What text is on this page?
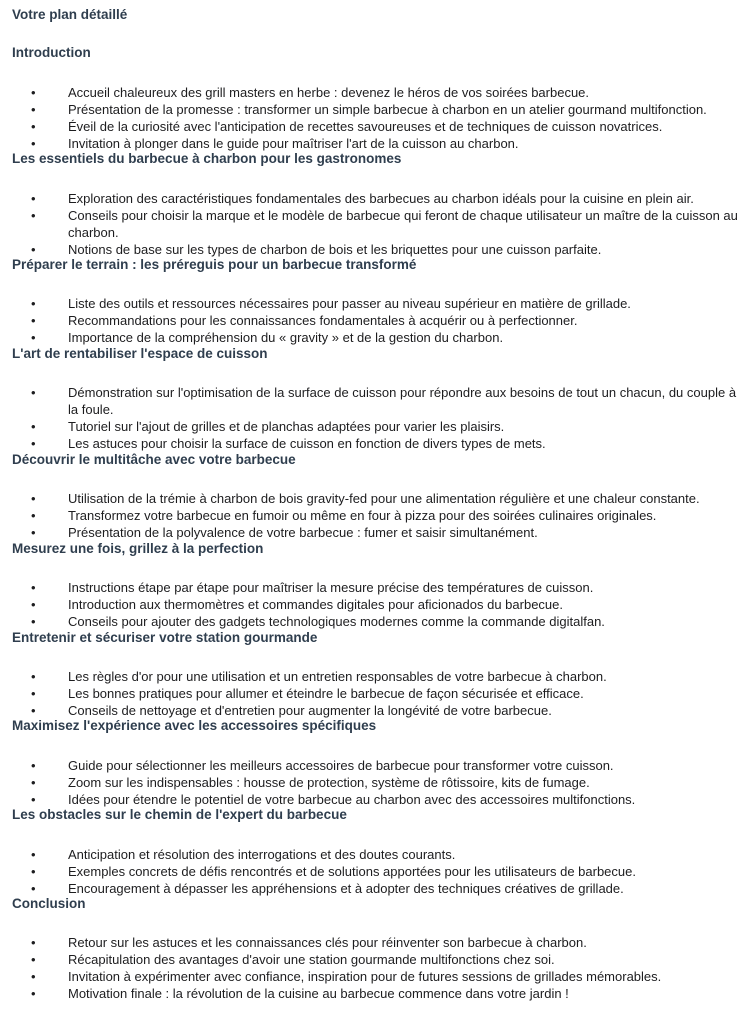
Votre plan détaillé
Introduction
• Accueil chaleureux des grill masters en herbe : devenez le héros de vos soirées barbecue.
• Présentation de la promesse : transformer un simple barbecue à charbon en un atelier gourmand multifonction.
• Éveil de la curiosité avec l'anticipation de recettes savoureuses et de techniques de cuisson novatrices.
• Invitation à plonger dans le guide pour maîtriser l'art de la cuisson au charbon.
Les essentiels du barbecue à charbon pour les gastronomes
• Exploration des caractéristiques fondamentales des barbecues au charbon idéals pour la cuisine en plein air.
• Conseils pour choisir la marque et le modèle de barbecue qui feront de chaque utilisateur un maître de la cuisson au charbon.
• Notions de base sur les types de charbon de bois et les briquettes pour une cuisson parfaite.
Préparer le terrain : les préreguis pour un barbecue transformé
• Liste des outils et ressources nécessaires pour passer au niveau supérieur en matière de grillade.
• Recommandations pour les connaissances fondamentales à acquérir ou à perfectionner.
• Importance de la compréhension du « gravity » et de la gestion du charbon.
L'art de rentabiliser l'espace de cuisson
• Démonstration sur l'optimisation de la surface de cuisson pour répondre aux besoins de tout un chacun, du couple à la foule.
• Tutoriel sur l'ajout de grilles et de planchas adaptées pour varier les plaisirs.
• Les astuces pour choisir la surface de cuisson en fonction de divers types de mets.
Découvrir le multitâche avec votre barbecue
• Utilisation de la trémie à charbon de bois gravity-fed pour une alimentation régulière et une chaleur constante.
• Transformez votre barbecue en fumoir ou même en four à pizza pour des soirées culinaires originales.
• Présentation de la polyvalence de votre barbecue : fumer et saisir simultanément.
Mesurez une fois, grillez à la perfection
• Instructions étape par étape pour maîtriser la mesure précise des températures de cuisson.
• Introduction aux thermomètres et commandes digitales pour aficionados du barbecue.
• Conseils pour ajouter des gadgets technologiques modernes comme la commande digitalfan.
Entretenir et sécuriser votre station gourmande
• Les règles d'or pour une utilisation et un entretien responsables de votre barbecue à charbon.
• Les bonnes pratiques pour allumer et éteindre le barbecue de façon sécurisée et efficace.
• Conseils de nettoyage et d'entretien pour augmenter la longévité de votre barbecue.
Maximisez l'expérience avec les accessoires spécifiques
• Guide pour sélectionner les meilleurs accessoires de barbecue pour transformer votre cuisson.
• Zoom sur les indispensables : housse de protection, système de rôtissoire, kits de fumage.
• Idées pour étendre le potentiel de votre barbecue au charbon avec des accessoires multifonctions.
Les obstacles sur le chemin de l'expert du barbecue
• Anticipation et résolution des interrogations et des doutes courants.
• Exemples concrets de défis rencontrés et de solutions apportées pour les utilisateurs de barbecue.
• Encouragement à dépasser les appréhensions et à adopter des techniques créatives de grillade.
Conclusion
• Retour sur les astuces et les connaissances clés pour réinventer son barbecue à charbon.
• Récapitulation des avantages d'avoir une station gourmande multifonctions chez soi.
• Invitation à expérimenter avec confiance, inspiration pour de futures sessions de grillades mémorables.
• Motivation finale : la révolution de la cuisine au barbecue commence dans votre jardin !
